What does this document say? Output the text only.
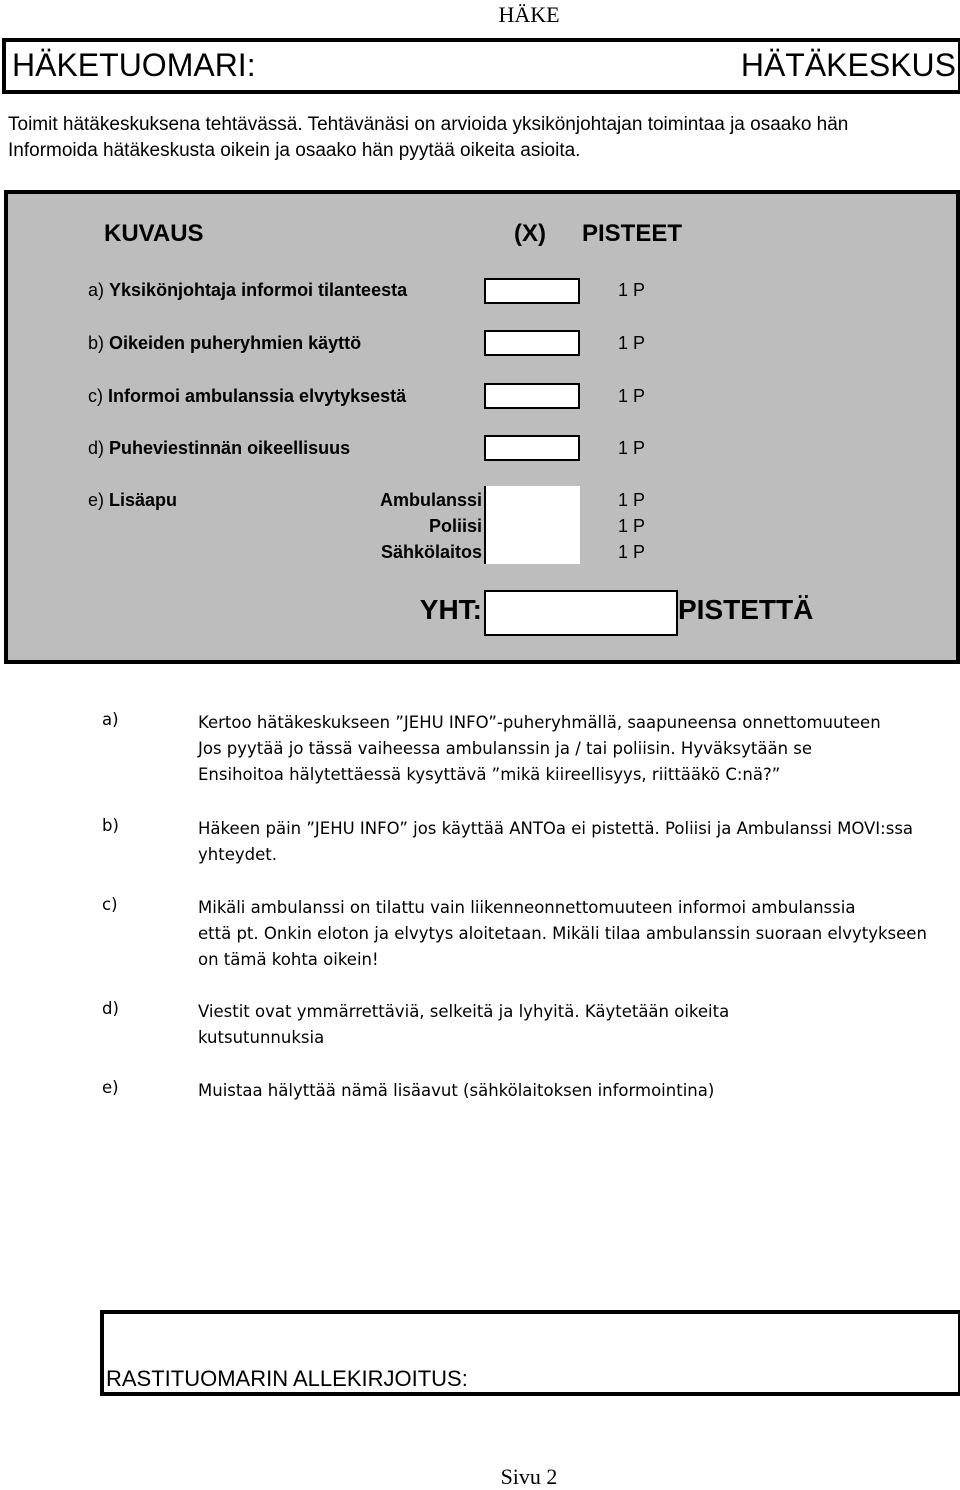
HÄKE
HÄKETUOMARI:	HÄTÄKESKUS
Toimit hätäkeskuksena tehtävässä. Tehtävänäsi on arvioida yksikönjohtajan toimintaa ja osaako hän
Informoida hätäkeskusta oikein ja osaako hän pyytää oikeita asioita.
KUVAUS	(X) PISTEET
a) Yksikönjohtaja informoi tilanteesta	1 P
b) Oikeiden puheryhmien käyttö	1 P
c) Informoi ambulanssia elvytyksestä	1 P
d) Puheviestinnän oikeellisuus	1 P
e) Lisäapu	Ambulanssi	1 P
Poliisi	1 P
Sähkölaitos	1 P
YHT:	PISTETTÄ
a)	Kertoo hätäkeskukseen ”JEHU INFO”-puheryhmällä, saapuneensa onnettomuuteen
Jos pyytää jo tässä vaiheessa ambulanssin ja / tai poliisin. Hyväksytään se
Ensihoitoa hälytettäessä kysyttävä ”mikä kiireellisyys, riittääkö C:nä?”
b)	Häkeen päin ”JEHU INFO” jos käyttää ANTOa ei pistettä. Poliisi ja Ambulanssi MOVI:ssa
yhteydet.
c)	Mikäli ambulanssi on tilattu vain liikenneonnettomuuteen informoi ambulanssia
että pt. Onkin eloton ja elvytys aloitetaan. Mikäli tilaa ambulanssin suoraan elvytykseen
on tämä kohta oikein!
d)	Viestit ovat ymmärrettäviä, selkeitä ja lyhyitä. Käytetään oikeita
kutsutunnuksia
e)	Muistaa hälyttää nämä lisäavut (sähkölaitoksen informointina)
RASTITUOMARIN ALLEKIRJOITUS:
Sivu 2
